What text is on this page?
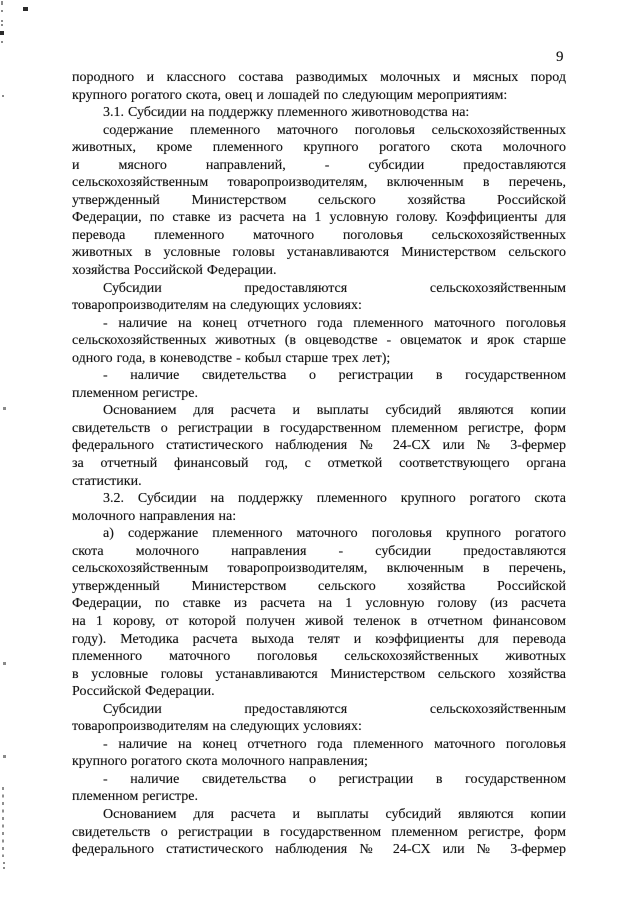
9
породного и классного состава разводимых молочных и мясных пород
крупного рогатого скота, овец и лошадей по следующим мероприятиям:
3.1. Субсидии на поддержку племенного животноводства на:
содержание племенного маточного поголовья сельскохозяйственных
животных, кроме племенного крупного рогатого скота молочного
и мясного направлений, - субсидии предоставляются
сельскохозяйственным товаропроизводителям, включенным в перечень,
утвержденный Министерством сельского хозяйства Российской
Федерации, по ставке из расчета на 1 условную голову. Коэффициенты для
перевода племенного маточного поголовья сельскохозяйственных
животных в условные головы устанавливаются Министерством сельского
хозяйства Российской Федерации.
Субсидии предоставляются сельскохозяйственным
товаропроизводителям на следующих условиях:
- наличие на конец отчетного года племенного маточного поголовья
сельскохозяйственных животных (в овцеводстве - овцематок и ярок старше
одного года, в коневодстве - кобыл старше трех лет);
- наличие свидетельства о регистрации в государственном
племенном регистре.
Основанием для расчета и выплаты субсидий являются копии
свидетельств о регистрации в государственном племенном регистре, форм
федерального статистического наблюдения № 24-СХ или № 3-фермер
за отчетный финансовый год, с отметкой соответствующего органа
статистики.
3.2. Субсидии на поддержку племенного крупного рогатого скота
молочного направления на:
а) содержание племенного маточного поголовья крупного рогатого
скота молочного направления - субсидии предоставляются
сельскохозяйственным товаропроизводителям, включенным в перечень,
утвержденный Министерством сельского хозяйства Российской
Федерации, по ставке из расчета на 1 условную голову (из расчета
на 1 корову, от которой получен живой теленок в отчетном финансовом
году). Методика расчета выхода телят и коэффициенты для перевода
племенного маточного поголовья сельскохозяйственных животных
в условные головы устанавливаются Министерством сельского хозяйства
Российской Федерации.
Субсидии предоставляются сельскохозяйственным
товаропроизводителям на следующих условиях:
- наличие на конец отчетного года племенного маточного поголовья
крупного рогатого скота молочного направления;
- наличие свидетельства о регистрации в государственном
племенном регистре.
Основанием для расчета и выплаты субсидий являются копии
свидетельств о регистрации в государственном племенном регистре, форм
федерального статистического наблюдения № 24-СХ или № 3-фермер
